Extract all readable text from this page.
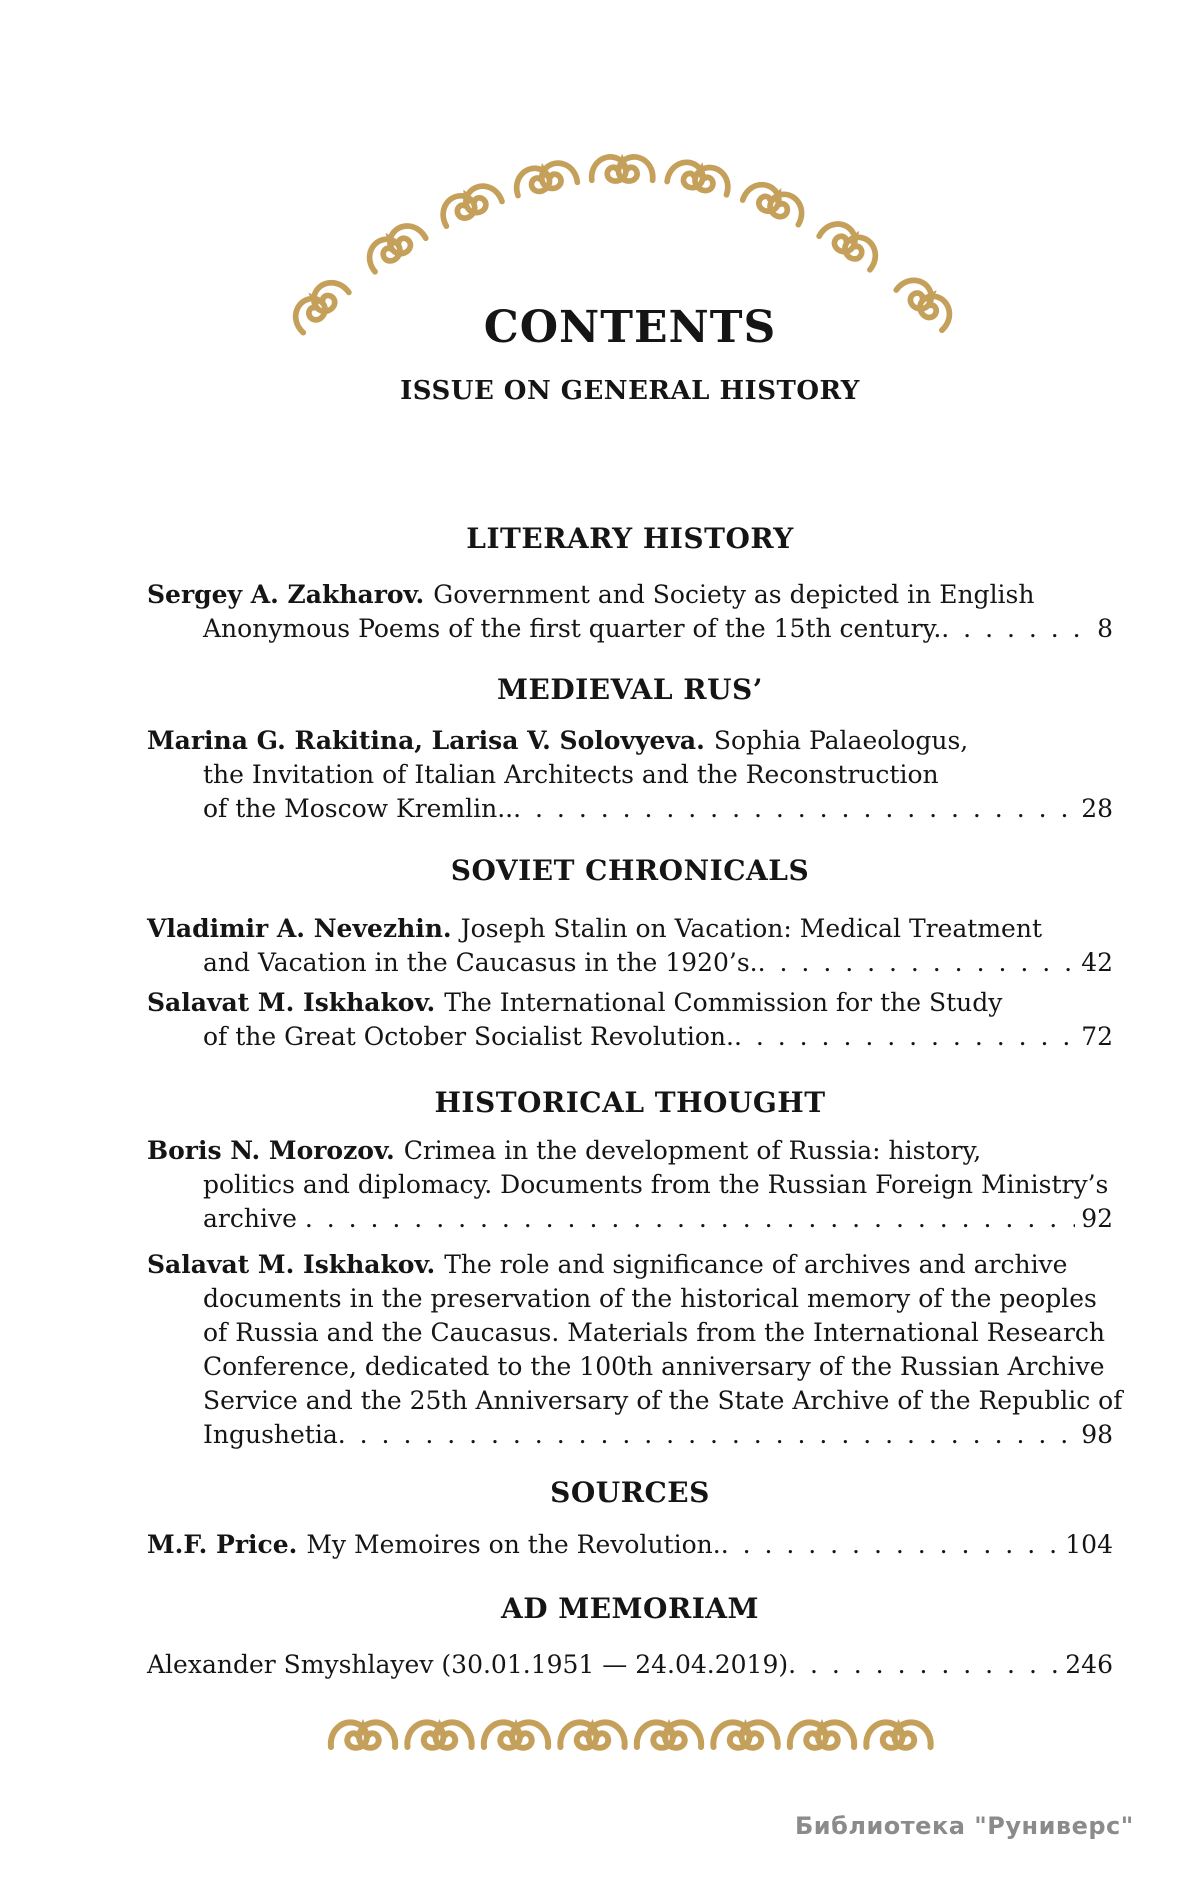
CONTENTS
ISSUE ON GENERAL HISTORY
LITERARY HISTORY
Sergey A. Zakharov. Government and Society as depicted in English
Anonymous Poems of the first quarter of the 15th century. . . .	8
MEDIEVAL RUS’
Marina G. Rakitina, Larisa V. Solovyeva. Sophia Palaeologus,
the Invitation of Italian Architects and the Reconstruction
of the Moscow Kremlin.. . . .	28
SOVIET CHRONICALS
Vladimir A. Nevezhin. Joseph Stalin on Vacation: Medical Treatment
and Vacation in the Caucasus in the 1920’s. . . .	42
Salavat M. Iskhakov. The International Commission for the Study
of the Great October Socialist Revolution. . . .	72
HISTORICAL THOUGHT
Boris N. Morozov. Crimea in the development of Russia: history,
politics and diplomacy. Documents from the Russian Foreign Ministry’s
archive . . .	92
Salavat M. Iskhakov. The role and significance of archives and archive
documents in the preservation of the historical memory of the peoples
of Russia and the Caucasus. Materials from the International Research
Conference, dedicated to the 100th anniversary of the Russian Archive
Service and the 25th Anniversary of the State Archive of the Republic of
Ingushetia . . .	98
SOURCES
M.F. Price. My Memoires on the Revolution. . . .	104
AD MEMORIAM
Alexander Smyshlayev (30.01.1951 — 24.04.2019) . . .	246
Библиотека "Руниверс"
